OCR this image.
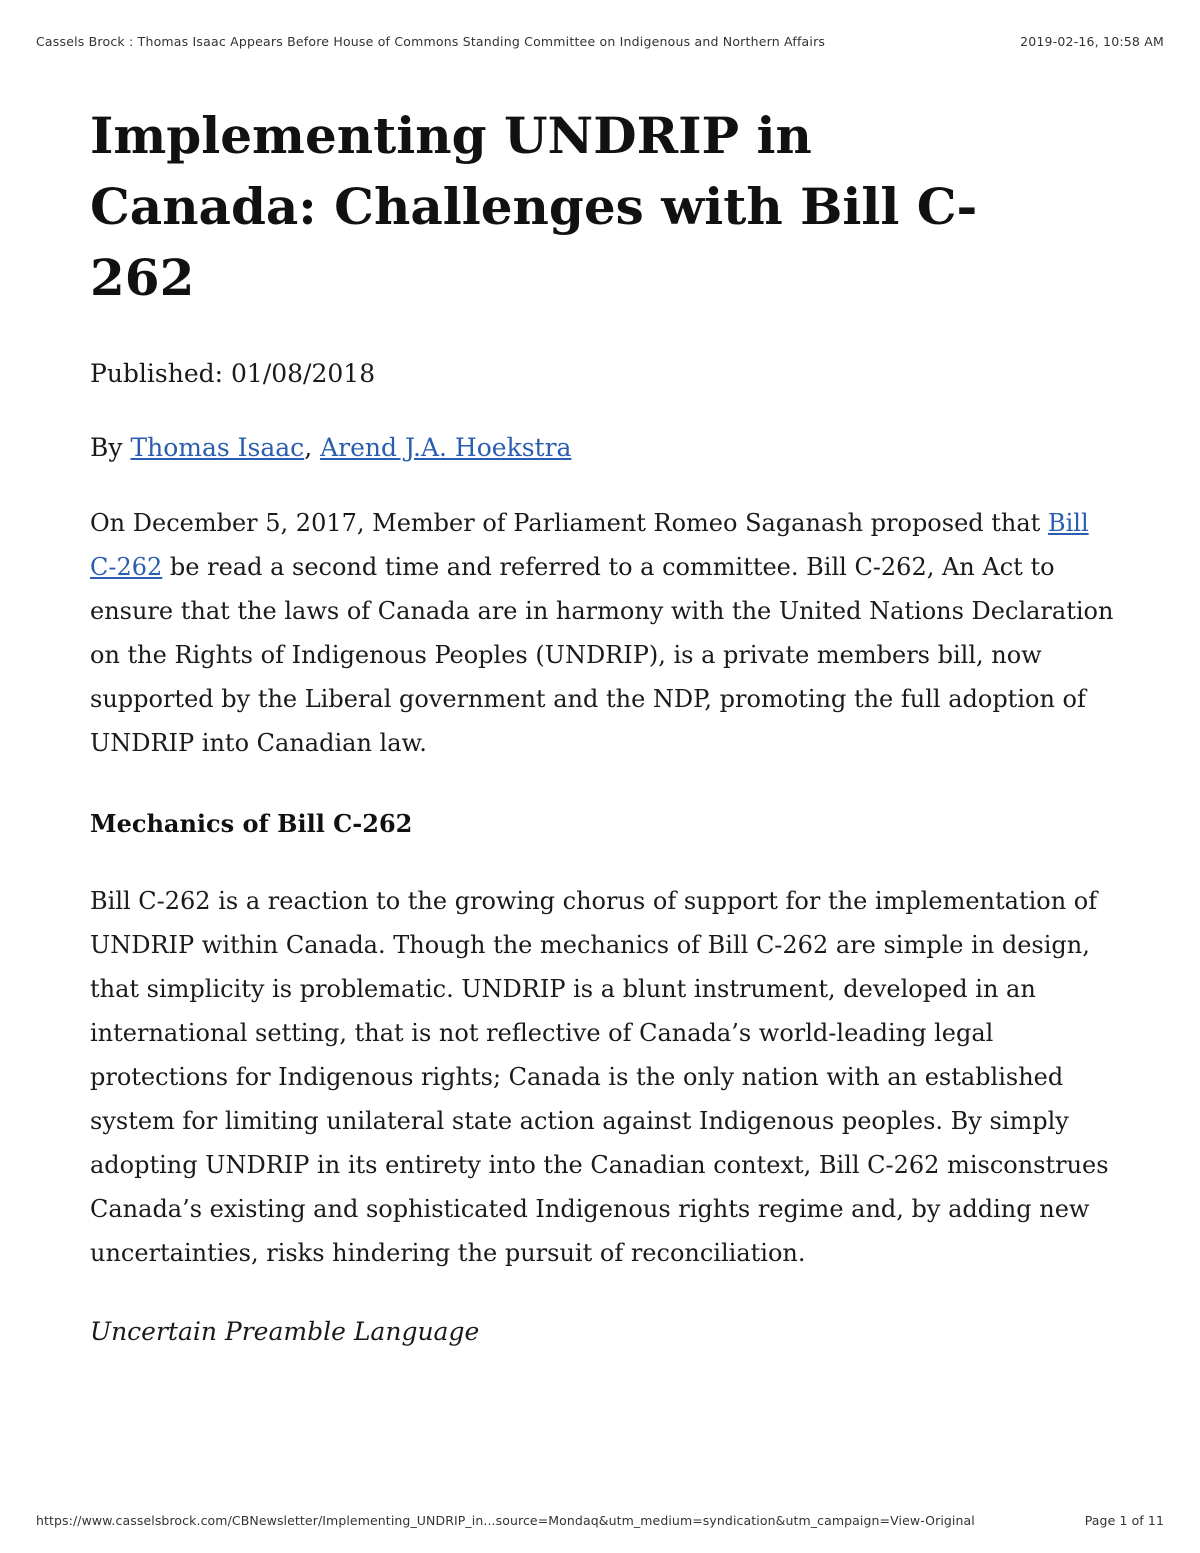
Cassels Brock : Thomas Isaac Appears Before House of Commons Standing Committee on Indigenous and Northern Affairs	2019-02-16, 10:58 AM
Implementing UNDRIP in Canada: Challenges with Bill C-262

Published: 01/08/2018

By Thomas Isaac, Arend J.A. Hoekstra

On December 5, 2017, Member of Parliament Romeo Saganash proposed that Bill C-262 be read a second time and referred to a committee. Bill C-262, An Act to ensure that the laws of Canada are in harmony with the United Nations Declaration on the Rights of Indigenous Peoples (UNDRIP), is a private members bill, now supported by the Liberal government and the NDP, promoting the full adoption of UNDRIP into Canadian law.

Mechanics of Bill C-262

Bill C-262 is a reaction to the growing chorus of support for the implementation of UNDRIP within Canada. Though the mechanics of Bill C-262 are simple in design, that simplicity is problematic. UNDRIP is a blunt instrument, developed in an international setting, that is not reflective of Canada’s world-leading legal protections for Indigenous rights; Canada is the only nation with an established system for limiting unilateral state action against Indigenous peoples. By simply adopting UNDRIP in its entirety into the Canadian context, Bill C-262 misconstrues Canada’s existing and sophisticated Indigenous rights regime and, by adding new uncertainties, risks hindering the pursuit of reconciliation.

Uncertain Preamble Language

https://www.casselsbrock.com/CBNewsletter/Implementing_UNDRIP_in...source=Mondaq&utm_medium=syndication&utm_campaign=View-Original	Page 1 of 11
